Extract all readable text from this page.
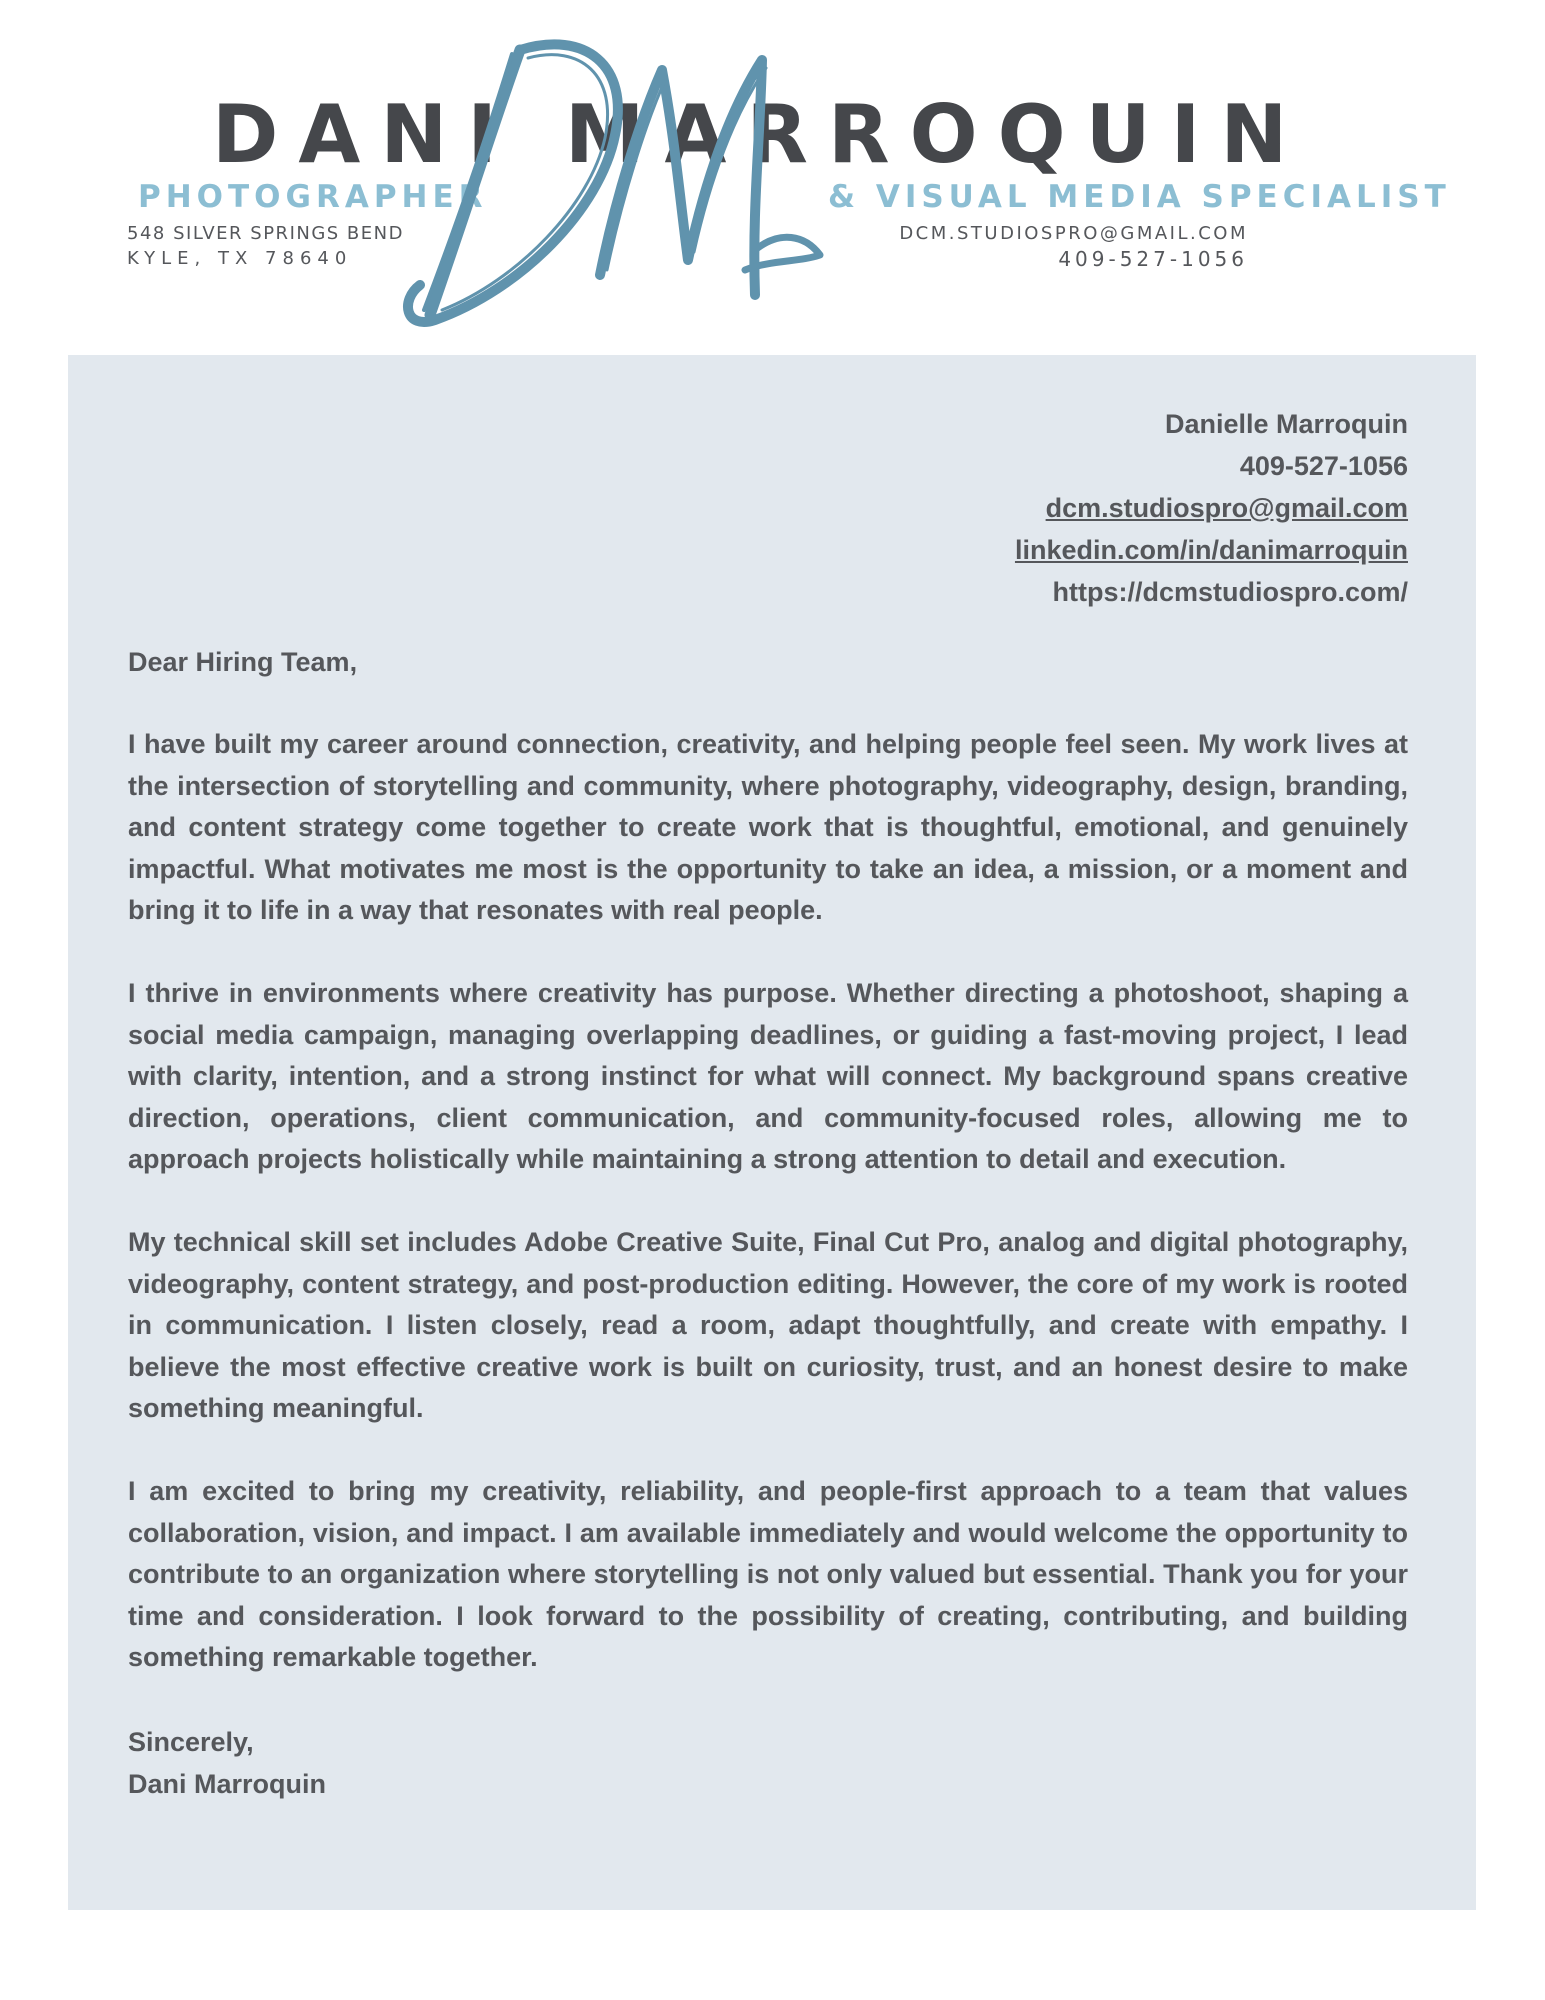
DANI MARROQUIN
PHOTOGRAPHER	& VISUAL MEDIA SPECIALIST
548 SILVER SPRINGS BEND
KYLE, TX 78640
DCM.STUDIOSPRO@GMAIL.COM
409-527-1056
Danielle Marroquin
409-527-1056
dcm.studiospro@gmail.com
linkedin.com/in/danimarroquin
https://dcmstudiospro.com/
Dear Hiring Team,
I have built my career around connection, creativity, and helping people feel seen. My work lives at the intersection of storytelling and community, where photography, videography, design, branding, and content strategy come together to create work that is thoughtful, emotional, and genuinely impactful. What motivates me most is the opportunity to take an idea, a mission, or a moment and bring it to life in a way that resonates with real people.
I thrive in environments where creativity has purpose. Whether directing a photoshoot, shaping a social media campaign, managing overlapping deadlines, or guiding a fast-moving project, I lead with clarity, intention, and a strong instinct for what will connect. My background spans creative direction, operations, client communication, and community-focused roles, allowing me to approach projects holistically while maintaining a strong attention to detail and execution.
My technical skill set includes Adobe Creative Suite, Final Cut Pro, analog and digital photography, videography, content strategy, and post-production editing. However, the core of my work is rooted in communication. I listen closely, read a room, adapt thoughtfully, and create with empathy. I believe the most effective creative work is built on curiosity, trust, and an honest desire to make something meaningful.
I am excited to bring my creativity, reliability, and people-first approach to a team that values collaboration, vision, and impact. I am available immediately and would welcome the opportunity to contribute to an organization where storytelling is not only valued but essential. Thank you for your time and consideration. I look forward to the possibility of creating, contributing, and building something remarkable together.
Sincerely,
Dani Marroquin
